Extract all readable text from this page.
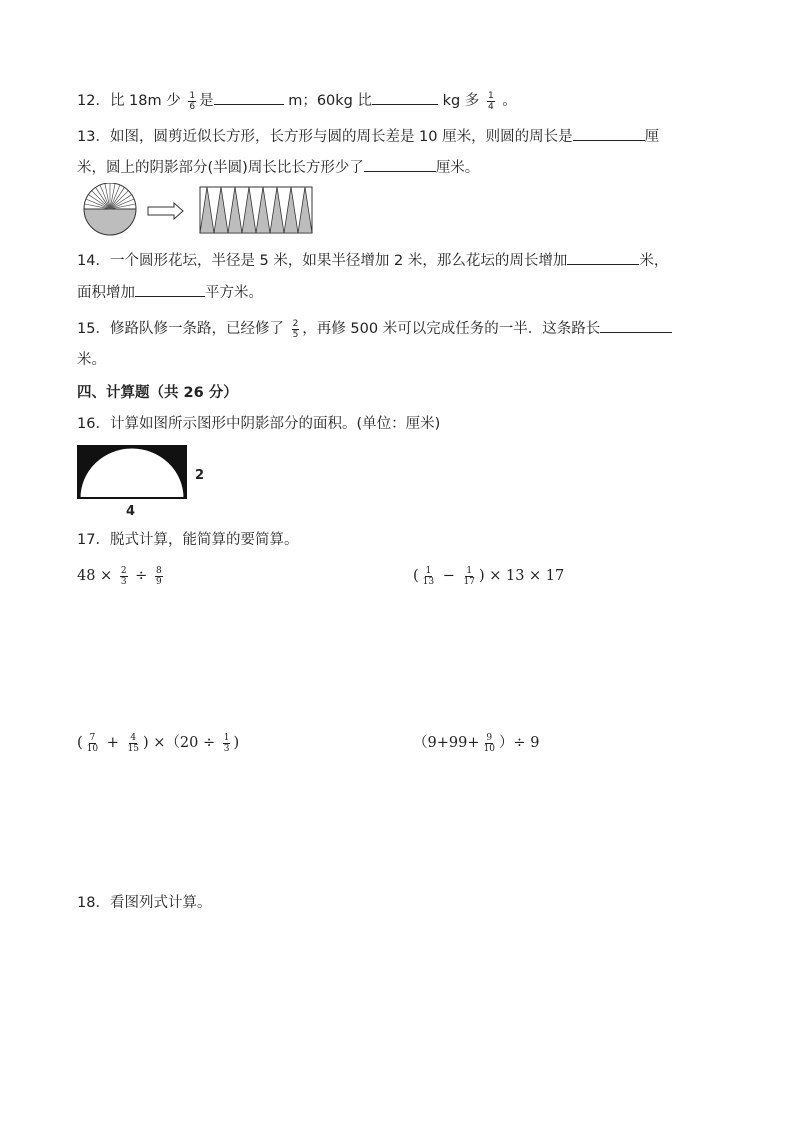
12．比 18m 少 $\frac{1}{6}$ 是	m；60kg 比	kg 多 $\frac{1}{4}$ 。
13．如图，圆剪近似长方形，长方形与圆的周长差是 10 厘米，则圆的周长是	厘
米，圆上的阴影部分(半圆)周长比长方形少了	厘米。
14．一个圆形花坛，半径是 5 米，如果半径增加 2 米，那么花坛的周长增加	米，
面积增加	平方米。
15．修路队修一条路，已经修了 $\frac{2}{5}$ ，再修 500 米可以完成任务的一半．这条路长
米。
四、计算题（共 26 分）
16．计算如图所示图形中阴影部分的面积。(单位：厘米)
2
4
17．脱式计算，能简算的要简算。
$48 \times \frac{2}{3} \div \frac{8}{9}$	( $\frac{1}{13} - \frac{1}{17}$ ) × 13 × 17
( $\frac{7}{10} + \frac{4}{15}$ ) $\times(20 \div \frac{1}{3}$ )	（$9+99+ \frac{9}{10}$ ）÷ 9
18．看图列式计算。
